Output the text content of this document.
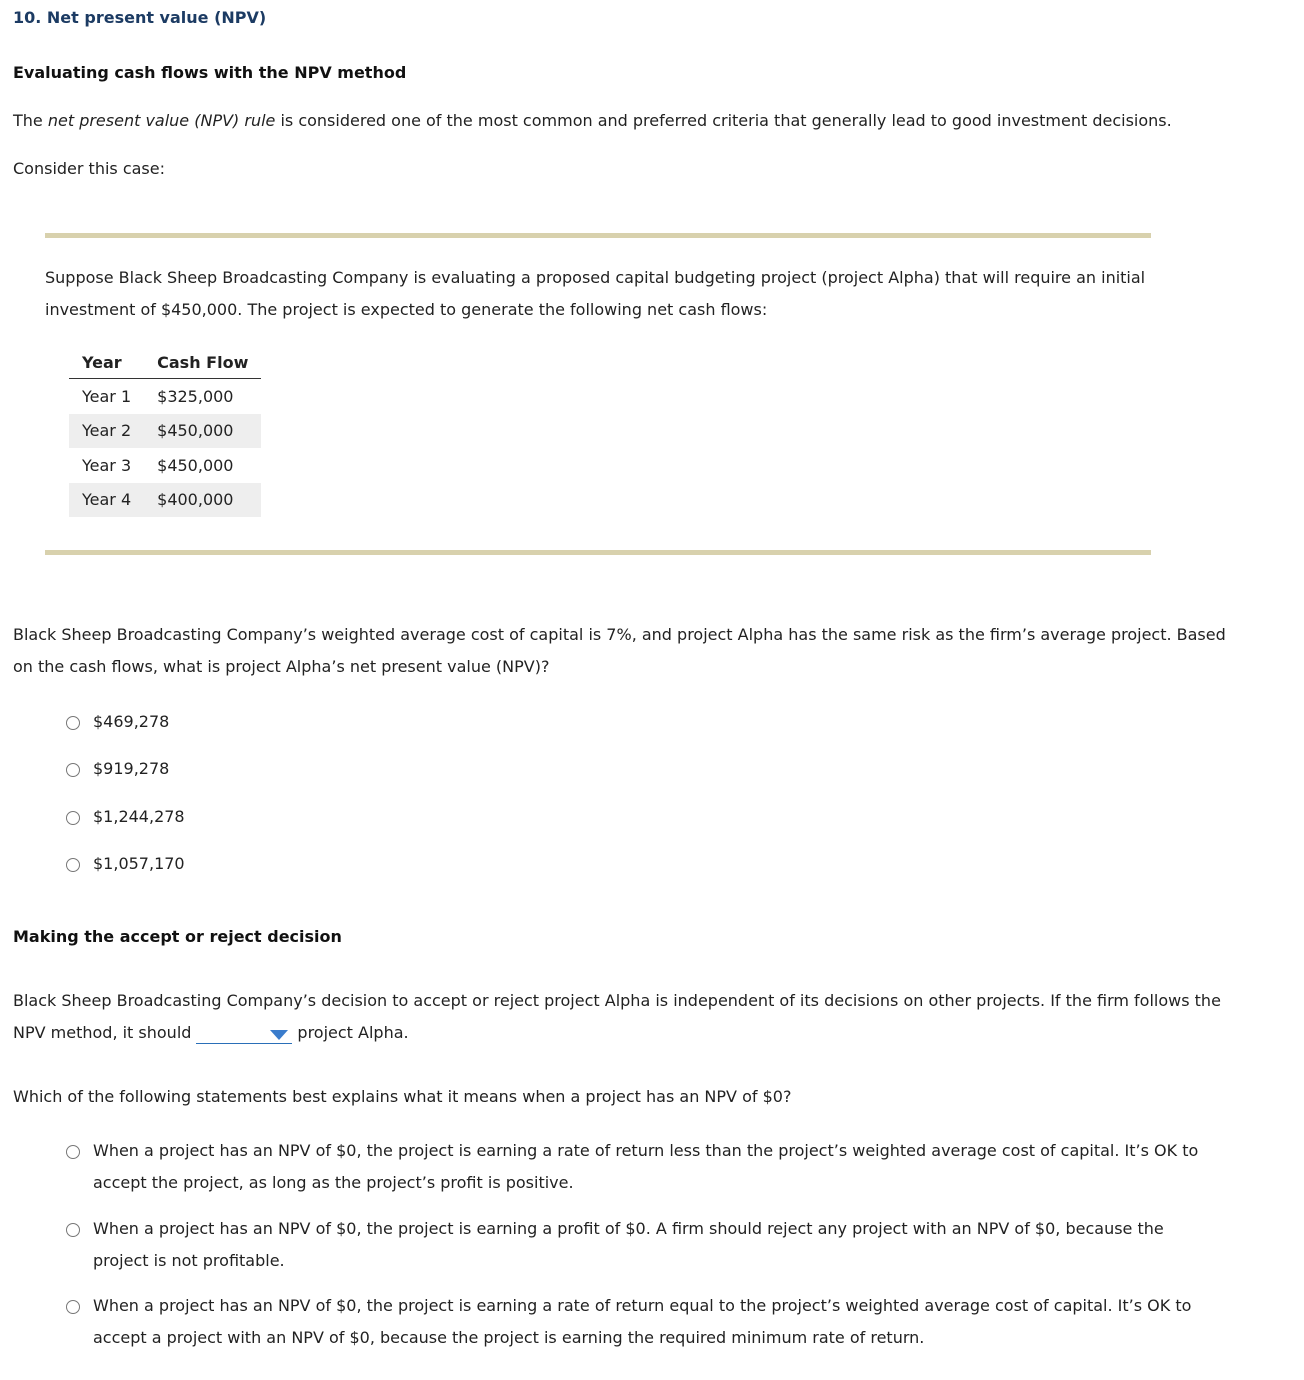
10. Net present value (NPV)
Evaluating cash flows with the NPV method
The net present value (NPV) rule is considered one of the most common and preferred criteria that generally lead to good investment decisions.
Consider this case:
Suppose Black Sheep Broadcasting Company is evaluating a proposed capital budgeting project (project Alpha) that will require an initial
investment of $450,000. The project is expected to generate the following net cash flows:
Year	Cash Flow
Year 1	$325,000
Year 2	$450,000
Year 3	$450,000
Year 4	$400,000
Black Sheep Broadcasting Company’s weighted average cost of capital is 7%, and project Alpha has the same risk as the firm’s average project. Based
on the cash flows, what is project Alpha’s net present value (NPV)?
$469,278
$919,278
$1,244,278
$1,057,170
Making the accept or reject decision
Black Sheep Broadcasting Company’s decision to accept or reject project Alpha is independent of its decisions on other projects. If the firm follows the
NPV method, it should	project Alpha.
Which of the following statements best explains what it means when a project has an NPV of $0?
When a project has an NPV of $0, the project is earning a rate of return less than the project’s weighted average cost of capital. It’s OK to
accept the project, as long as the project’s profit is positive.
When a project has an NPV of $0, the project is earning a profit of $0. A firm should reject any project with an NPV of $0, because the
project is not profitable.
When a project has an NPV of $0, the project is earning a rate of return equal to the project’s weighted average cost of capital. It’s OK to
accept a project with an NPV of $0, because the project is earning the required minimum rate of return.
